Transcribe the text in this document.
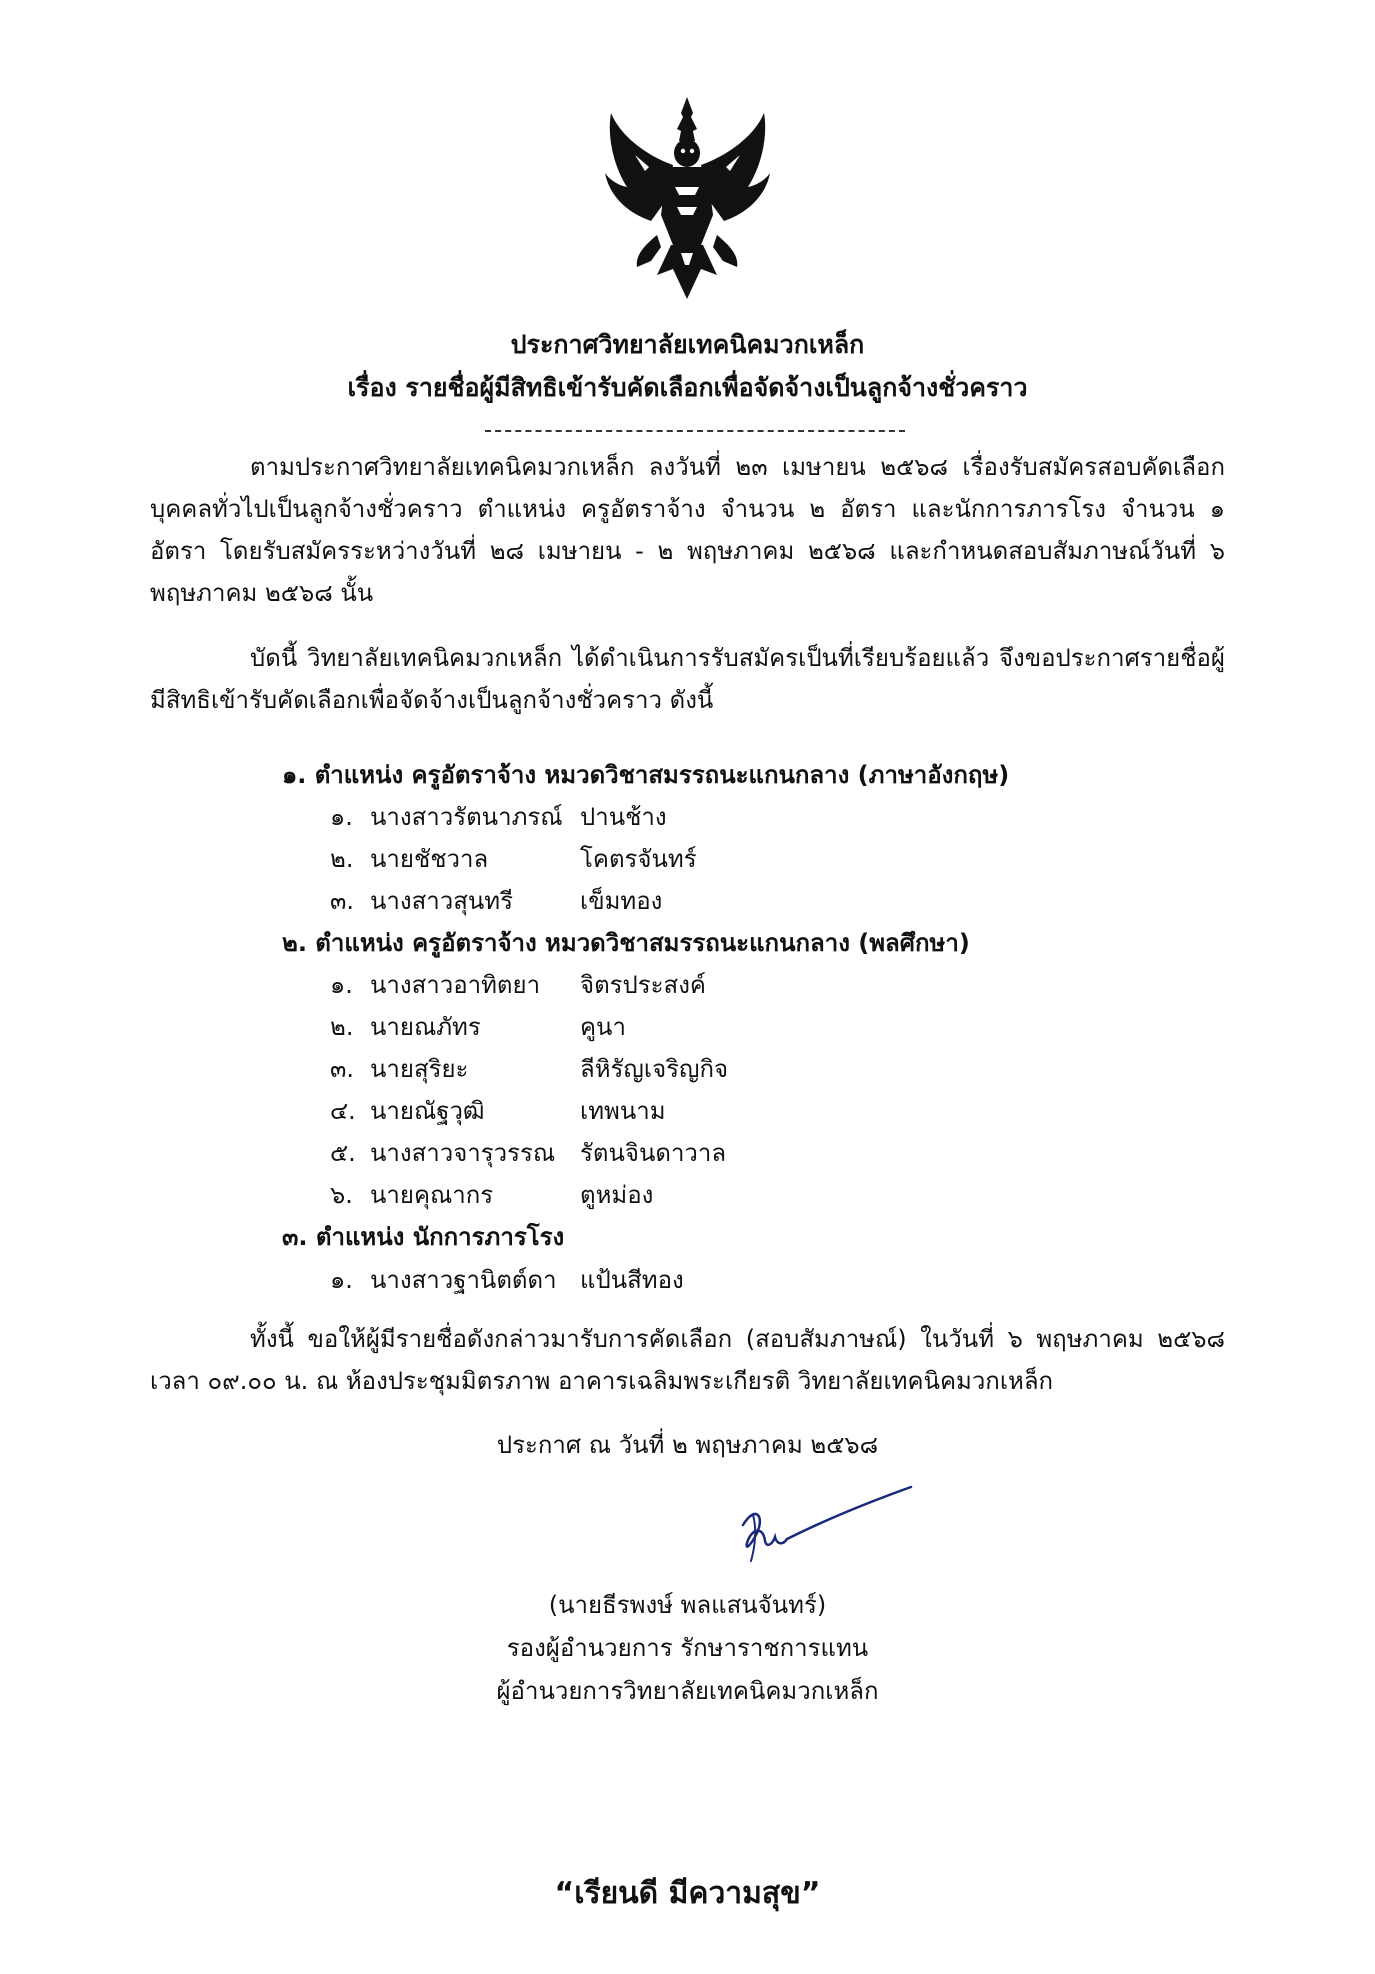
ประกาศวิทยาลัยเทคนิคมวกเหล็ก
เรื่อง รายชื่อผู้มีสิทธิเข้ารับคัดเลือกเพื่อจัดจ้างเป็นลูกจ้างชั่วคราว
ตามประกาศวิทยาลัยเทคนิคมวกเหล็ก ลงวันที่ ๒๓ เมษายน ๒๕๖๘ เรื่องรับสมัครสอบคัดเลือกบุคคลทั่วไปเป็นลูกจ้างชั่วคราว ตำแหน่ง ครูอัตราจ้าง จำนวน ๒ อัตรา และนักการภารโรง จำนวน ๑ อัตรา โดยรับสมัครระหว่างวันที่ ๒๘ เมษายน - ๒ พฤษภาคม ๒๕๖๘ และกำหนดสอบสัมภาษณ์วันที่ ๖ พฤษภาคม ๒๕๖๘ นั้น
บัดนี้ วิทยาลัยเทคนิคมวกเหล็ก ได้ดำเนินการรับสมัครเป็นที่เรียบร้อยแล้ว จึงขอประกาศรายชื่อผู้มีสิทธิเข้ารับคัดเลือกเพื่อจัดจ้างเป็นลูกจ้างชั่วคราว ดังนี้
๑. ตำแหน่ง ครูอัตราจ้าง หมวดวิชาสมรรถนะแกนกลาง (ภาษาอังกฤษ)
๑. นางสาวรัตนาภรณ์ ปานช้าง
๒. นายชัชวาล	โคตรจันทร์
๓. นางสาวสุนทรี	เข็มทอง
๒. ตำแหน่ง ครูอัตราจ้าง หมวดวิชาสมรรถนะแกนกลาง (พลศึกษา)
๑. นางสาวอาทิตยา จิตรประสงค์
๒. นายณภัทร	คูนา
๓. นายสุริยะ	ลีหิรัญเจริญกิจ
๔. นายณัฐวุฒิ	เทพนาม
๕. นางสาวจารุวรรณ รัตนจินดาวาล
๖. นายคุณากร	ตูหม่อง
๓. ตำแหน่ง นักการภารโรง
๑. นางสาวฐานิตต์ดา แป้นสีทอง
ทั้งนี้ ขอให้ผู้มีรายชื่อดังกล่าวมารับการคัดเลือก (สอบสัมภาษณ์) ในวันที่ ๖ พฤษภาคม ๒๕๖๘ เวลา ๐๙.๐๐ น. ณ ห้องประชุมมิตรภาพ อาคารเฉลิมพระเกียรติ วิทยาลัยเทคนิคมวกเหล็ก
ประกาศ ณ วันที่ ๒ พฤษภาคม ๒๕๖๘
(นายธีรพงษ์ พลแสนจันทร์)
รองผู้อำนวยการ รักษาราชการแทน
ผู้อำนวยการวิทยาลัยเทคนิคมวกเหล็ก
“เรียนดี มีความสุข”
